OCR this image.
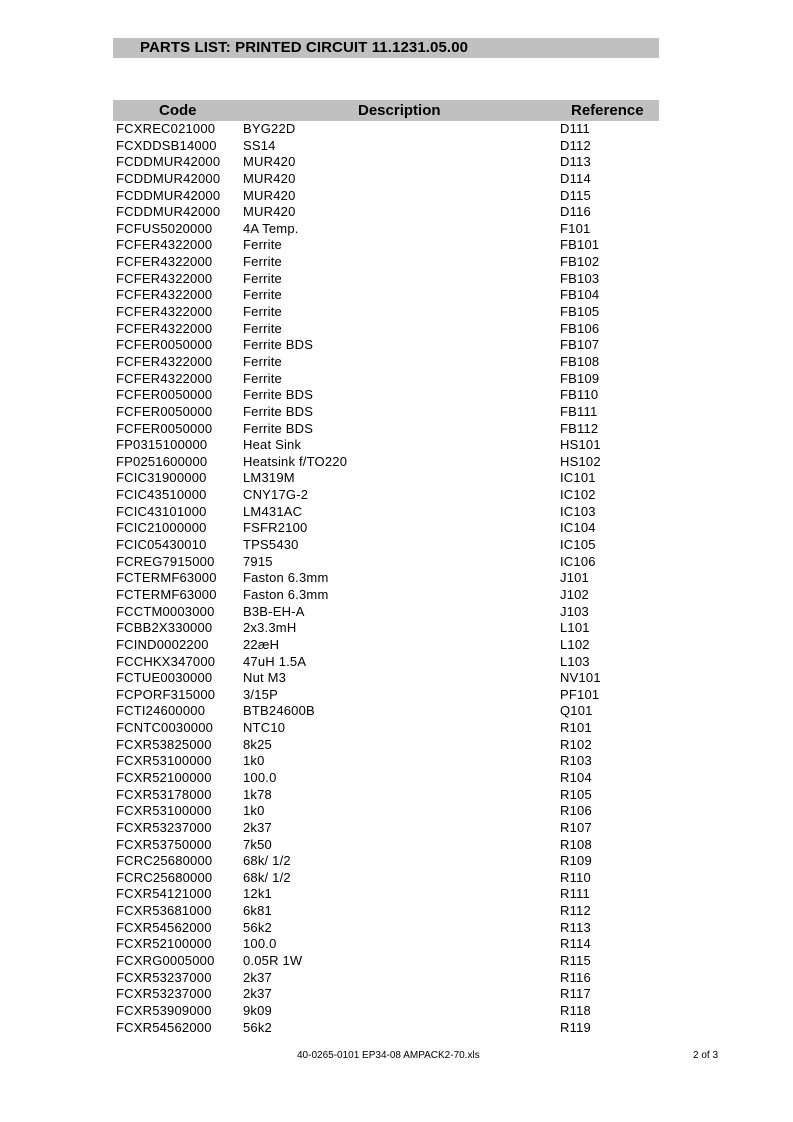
PARTS LIST: PRINTED CIRCUIT 11.1231.05.00
Code	Description	Reference
FCXREC021000 BYG22D	D111
FCXDDSB14000 SS14	D112
FCDDMUR42000 MUR420	D113
FCDDMUR42000 MUR420	D114
FCDDMUR42000 MUR420	D115
FCDDMUR42000 MUR420	D116
FCFUS5020000 4A Temp.	F101
FCFER4322000 Ferrite	FB101
FCFER4322000 Ferrite	FB102
FCFER4322000 Ferrite	FB103
FCFER4322000 Ferrite	FB104
FCFER4322000 Ferrite	FB105
FCFER4322000 Ferrite	FB106
FCFER0050000 Ferrite BDS	FB107
FCFER4322000 Ferrite	FB108
FCFER4322000 Ferrite	FB109
FCFER0050000 Ferrite BDS	FB110
FCFER0050000 Ferrite BDS	FB111
FCFER0050000 Ferrite BDS	FB112
FP0315100000	Heat Sink	HS101
FP0251600000	Heatsink f/TO220	HS102
FCIC31900000	LM319M	IC101
FCIC43510000	CNY17G-2	IC102
FCIC43101000	LM431AC	IC103
FCIC21000000	FSFR2100	IC104
FCIC05430010	TPS5430	IC105
FCREG7915000 7915	IC106
FCTERMF63000 Faston 6.3mm	J101
FCTERMF63000 Faston 6.3mm	J102
FCCTM0003000 B3B-EH-A	J103
FCBB2X330000 2x3.3mH	L101
FCIND0002200	22æH	L102
FCCHKX347000 47uH 1.5A	L103
FCTUE0030000 Nut M3	NV101
FCPORF315000 3/15P	PF101
FCTI24600000	BTB24600B	Q101
FCNTC0030000 NTC10	R101
FCXR53825000 8k25	R102
FCXR53100000 1k0	R103
FCXR52100000 100.0	R104
FCXR53178000 1k78	R105
FCXR53100000 1k0	R106
FCXR53237000 2k37	R107
FCXR53750000 7k50	R108
FCRC25680000 68k/ 1/2	R109
FCRC25680000 68k/ 1/2	R110
FCXR54121000 12k1	R111
FCXR53681000 6k81	R112
FCXR54562000 56k2	R113
FCXR52100000 100.0	R114
FCXRG0005000 0.05R 1W	R115
FCXR53237000 2k37	R116
FCXR53237000 2k37	R117
FCXR53909000 9k09	R118
FCXR54562000 56k2	R119
40-0265-0101 EP34-08 AMPACK2-70.xls	2 of 3
